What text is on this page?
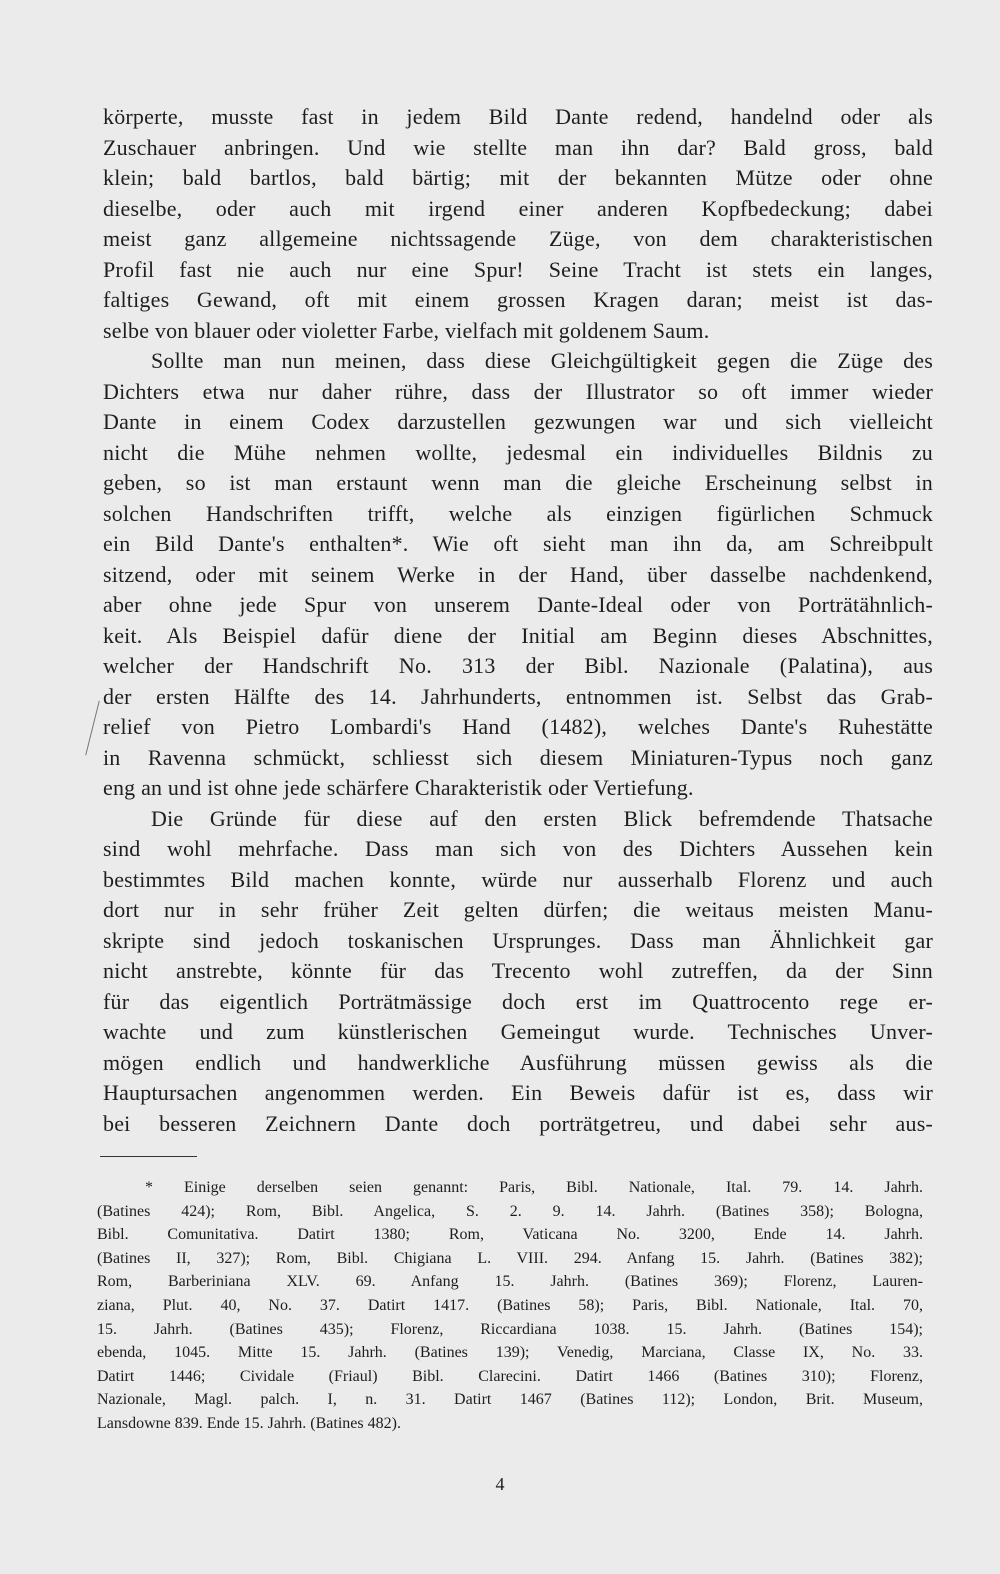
körperte, musste fast in jedem Bild Dante redend, handelnd oder als
Zuschauer anbringen. Und wie stellte man ihn dar? Bald gross, bald
klein; bald bartlos, bald bärtig; mit der bekannten Mütze oder ohne
dieselbe, oder auch mit irgend einer anderen Kopfbedeckung; dabei
meist ganz allgemeine nichtssagende Züge, von dem charakteristischen
Profil fast nie auch nur eine Spur! Seine Tracht ist stets ein langes,
faltiges Gewand, oft mit einem grossen Kragen daran; meist ist das-
selbe von blauer oder violetter Farbe, vielfach mit goldenem Saum.
Sollte man nun meinen, dass diese Gleichgültigkeit gegen die Züge des
Dichters etwa nur daher rühre, dass der Illustrator so oft immer wieder
Dante in einem Codex darzustellen gezwungen war und sich vielleicht
nicht die Mühe nehmen wollte, jedesmal ein individuelles Bildnis zu
geben, so ist man erstaunt wenn man die gleiche Erscheinung selbst in
solchen Handschriften trifft, welche als einzigen figürlichen Schmuck
ein Bild Dante's enthalten*. Wie oft sieht man ihn da, am Schreibpult
sitzend, oder mit seinem Werke in der Hand, über dasselbe nachdenkend,
aber ohne jede Spur von unserem Dante-Ideal oder von Porträtähnlich-
keit. Als Beispiel dafür diene der Initial am Beginn dieses Abschnittes,
welcher der Handschrift No. 313 der Bibl. Nazionale (Palatina), aus
der ersten Hälfte des 14. Jahrhunderts, entnommen ist. Selbst das Grab-
relief von Pietro Lombardi's Hand (1482), welches Dante's Ruhestätte
in Ravenna schmückt, schliesst sich diesem Miniaturen-Typus noch ganz
eng an und ist ohne jede schärfere Charakteristik oder Vertiefung.
Die Gründe für diese auf den ersten Blick befremdende Thatsache
sind wohl mehrfache. Dass man sich von des Dichters Aussehen kein
bestimmtes Bild machen konnte, würde nur ausserhalb Florenz und auch
dort nur in sehr früher Zeit gelten dürfen; die weitaus meisten Manu-
skripte sind jedoch toskanischen Ursprunges. Dass man Ähnlichkeit gar
nicht anstrebte, könnte für das Trecento wohl zutreffen, da der Sinn
für das eigentlich Porträtmässige doch erst im Quattrocento rege er-
wachte und zum künstlerischen Gemeingut wurde. Technisches Unver-
mögen endlich und handwerkliche Ausführung müssen gewiss als die
Hauptursachen angenommen werden. Ein Beweis dafür ist es, dass wir
bei besseren Zeichnern Dante doch porträtgetreu, und dabei sehr aus-
* Einige derselben seien genannt: Paris, Bibl. Nationale, Ital. 79. 14. Jahrh.
(Batines 424); Rom, Bibl. Angelica, S. 2. 9. 14. Jahrh. (Batines 358); Bologna,
Bibl. Comunitativa. Datirt 1380; Rom, Vaticana No. 3200, Ende 14. Jahrh.
(Batines II, 327); Rom, Bibl. Chigiana L. VIII. 294. Anfang 15. Jahrh. (Batines 382);
Rom, Barberiniana XLV. 69. Anfang 15. Jahrh. (Batines 369); Florenz, Lauren-
ziana, Plut. 40, No. 37. Datirt 1417. (Batines 58); Paris, Bibl. Nationale, Ital. 70,
15. Jahrh. (Batines 435); Florenz, Riccardiana 1038. 15. Jahrh. (Batines 154);
ebenda, 1045. Mitte 15. Jahrh. (Batines 139); Venedig, Marciana, Classe IX, No. 33.
Datirt 1446; Cividale (Friaul) Bibl. Clarecini. Datirt 1466 (Batines 310); Florenz,
Nazionale, Magl. palch. I, n. 31. Datirt 1467 (Batines 112); London, Brit. Museum,
Lansdowne 839. Ende 15. Jahrh. (Batines 482).
4
